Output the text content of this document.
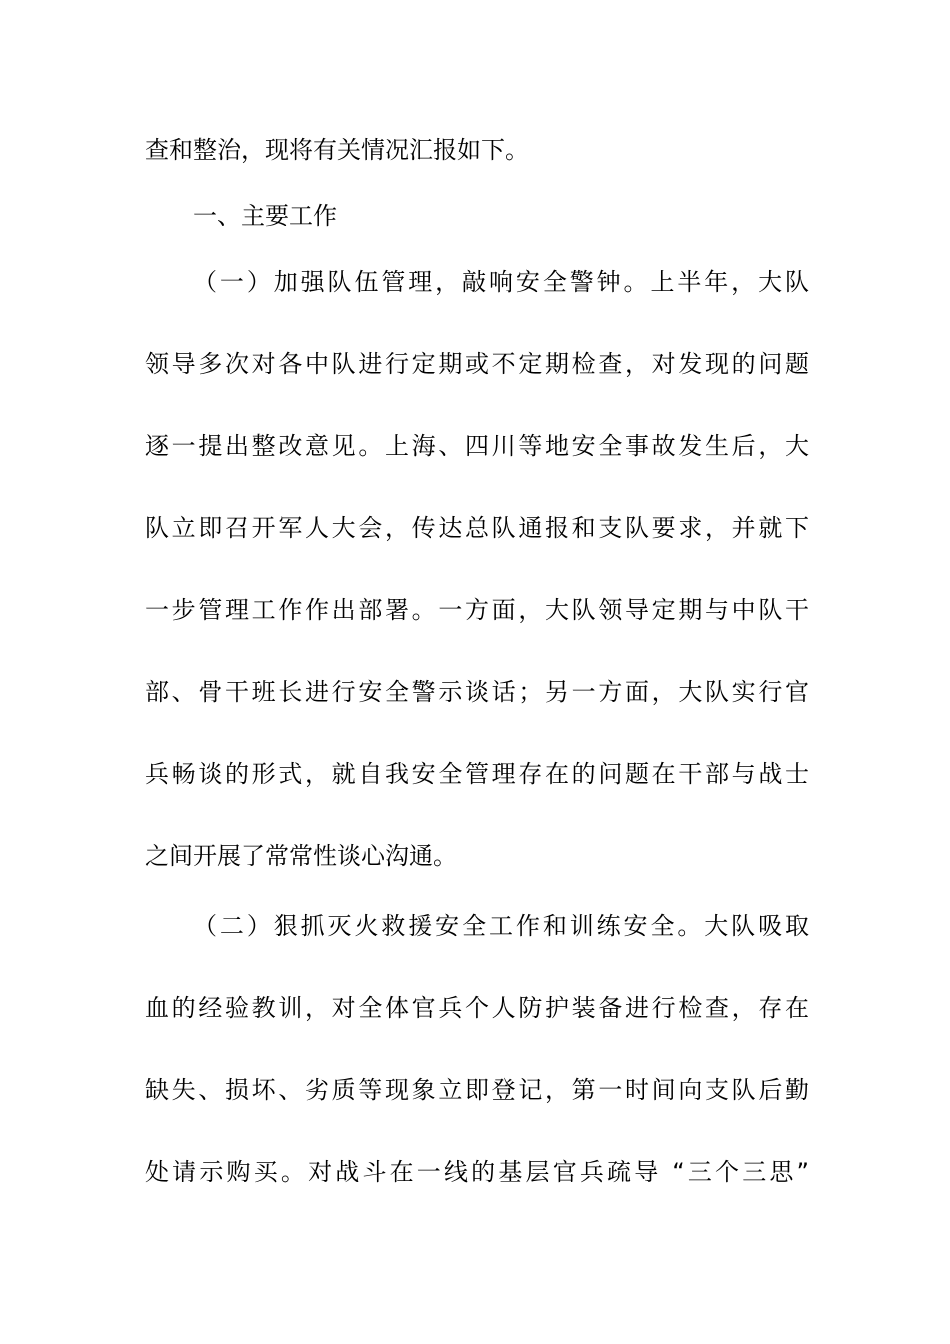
查和整治，现将有关情况汇报如下。
一、主要工作
（一）加强队伍管理，敲响安全警钟。上半年，大队
领导多次对各中队进行定期或不定期检查，对发现的问题
逐一提出整改意见。上海、四川等地安全事故发生后，大
队立即召开军人大会，传达总队通报和支队要求，并就下
一步管理工作作出部署。一方面，大队领导定期与中队干
部、骨干班长进行安全警示谈话；另一方面，大队实行官
兵畅谈的形式，就自我安全管理存在的问题在干部与战士
之间开展了常常性谈心沟通。
（二）狠抓灭火救援安全工作和训练安全。大队吸取
血的经验教训，对全体官兵个人防护装备进行检查，存在
缺失、损坏、劣质等现象立即登记，第一时间向支队后勤
处请示购买。对战斗在一线的基层官兵疏导 “三个三思”
